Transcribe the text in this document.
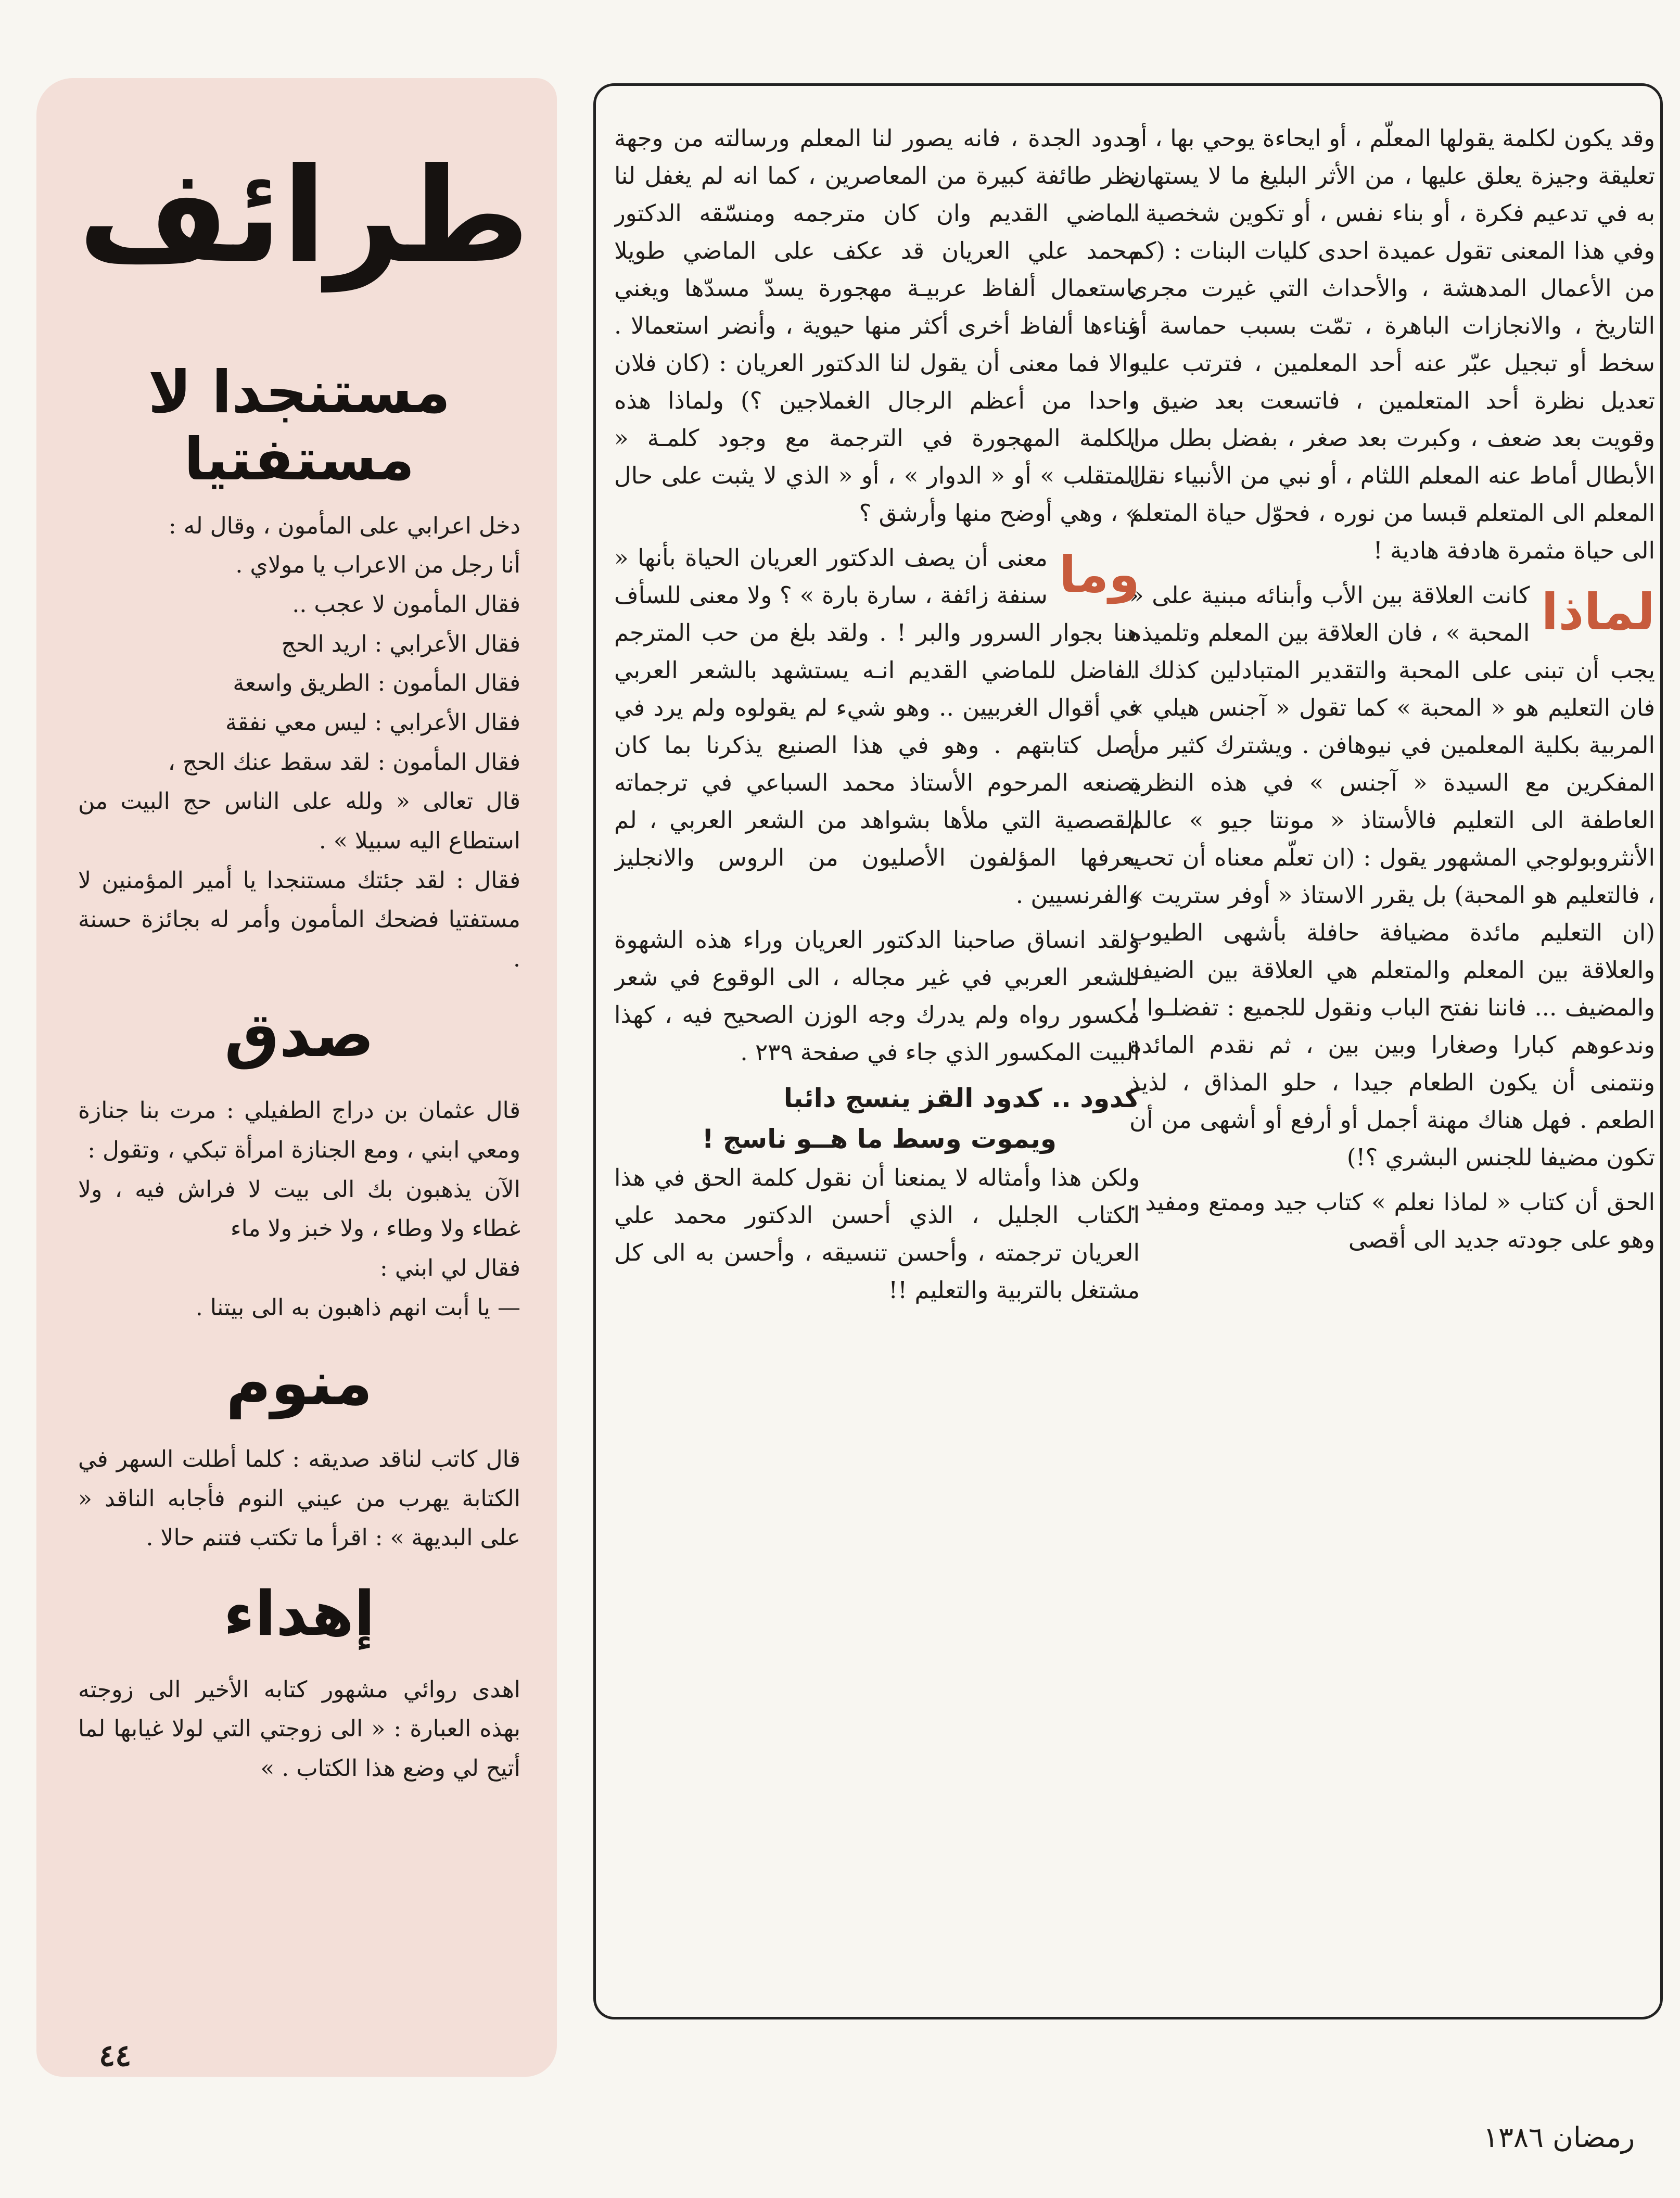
طرائف
مستنجدا لا مستفتيا

دخل اعرابي على المأمون ، وقال له :

أنا رجل من الاعراب يا مولاي .

فقال المأمون لا عجب ..

فقال الأعرابي : اريد الحج

فقال المأمون : الطريق واسعة

فقال الأعرابي : ليس معي نفقة

فقال المأمون : لقد سقط عنك الحج ،

قال تعالى « ولله على الناس حج البيت من استطاع اليه سبيلا » .

فقال : لقد جئتك مستنجدا يا أمير المؤمنين لا مستفتيا فضحك المأمون وأمر له بجائزة حسنة .

صدق

قال عثمان بن دراج الطفيلي : مرت بنا جنازة ومعي ابني ، ومع الجنازة امرأة تبكي ، وتقول :

الآن يذهبون بك الى بيت لا فراش فيه ، ولا غطاء ولا وطاء ، ولا خبز ولا ماء

فقال لي ابني :

— يا أبت انهم ذاهبون به الى بيتنا .

منوم

قال كاتب لناقد صديقه : كلما أطلت السهر في الكتابة يهرب من عيني النوم فأجابه الناقد « على البديهة » : اقرأ ما تكتب فتنم حالا .

إهداء

اهدى روائي مشهور كتابه الأخير الى زوجته بهذه العبارة : « الى زوجتي التي لولا غيابها لما أتيح لي وضع هذا الكتاب . »

وقد يكون لكلمة يقولها المعلّم ، أو ايحاءة يوحي بها ، أو تعليقة وجيزة يعلق عليها ، من الأثر البليغ ما لا يستهان به في تدعيم فكرة ، أو بناء نفس ، أو تكوين شخصية . وفي هذا المعنى تقول عميدة احدى كليات البنات : (كم من الأعمال المدهشة ، والأحداث التي غيرت مجرى التاريخ ، والانجازات الباهرة ، تمّت بسبب حماسة أو سخط أو تبجيل عبّر عنه أحد المعلمين ، فترتب عليه تعديل نظرة أحد المتعلمين ، فاتسعت بعد ضيق ، وقويت بعد ضعف ، وكبرت بعد صغر ، بفضل بطل من الأبطال أماط عنه المعلم اللثام ، أو نبي من الأنبياء نقل المعلم الى المتعلم قبسا من نوره ، فحوّل حياة المتعلم الى حياة مثمرة هادفة هادية !

لماذا
كانت العلاقة بين الأب وأبنائه مبنية على « المحبة » ، فان العلاقة بين المعلم وتلميذه يجب أن تبنى على المحبة والتقدير المتبادلين كذلك . فان التعليم هو « المحبة » كما تقول « آجنس هيلي » المربية بكلية المعلمين في نيوهافن . ويشترك كثير من المفكرين مع السيدة « آجنس » في هذه النظرة العاطفة الى التعليم فالأستاذ « مونتا جيو » عالم الأنثروبولوجي المشهور يقول : (ان تعلّم معناه أن تحب ، فالتعليم هو المحبة) بل يقرر الاستاذ « أوفر ستريت » (ان التعليم مائدة مضيافة حافلة بأشهى الطيوب والعلاقة بين المعلم والمتعلم هي العلاقة بين الضيف والمضيف ... فاننا نفتح الباب ونقول للجميع : تفضلـوا ! وندعوهم كبارا وصغارا وبين بين ، ثم نقدم المائدة ونتمنى أن يكون الطعام جيدا ، حلو المذاق ، لذيذ الطعم . فهل هناك مهنة أجمل أو أرفع أو أشهى من أن تكون مضيفا للجنس البشري ؟!)

الحق أن كتاب « لماذا نعلم » كتاب جيد وممتع ومفيد . وهو على جودته جديد الى أقصى

حدود الجدة ، فانه يصور لنا المعلم ورسالته من وجهة نظر طائفة كبيرة من المعاصرين ، كما انه لم يغفل لنا الماضي القديم وان كان مترجمه ومنسّقه الدكتور محمد علي العريان قد عكف على الماضي طويلا باستعمال ألفاظ عربيـة مهجورة يسدّ مسدّها ويغني غناءها ألفاظ أخرى أكثر منها حيوية ، وأنضر استعمالا . والا فما معنى أن يقول لنا الدكتور العريان : (كان فلان واحدا من أعظم الرجال الغملاجين ؟) ولماذا هذه الكلمة المهجورة في الترجمة مع وجود كلمـة « المتقلب » أو « الدوار » ، أو « الذي لا يثبت على حال » ، وهي أوضح منها وأرشق ؟

وما
معنى أن يصف الدكتور العريان الحياة بأنها « سنفة زائفة ، سارة بارة » ؟ ولا معنى للسأف هنا بجوار السرور والبر ! . ولقد بلغ من حب المترجم الفاضل للماضي القديم انـه يستشهد بالشعر العربي في أقوال الغربيين .. وهو شيء لم يقولوه ولم يرد في أصل كتابتهم . وهو في هذا الصنيع يذكرنا بما كان يصنعه المرحوم الأستاذ محمد السباعي في ترجماته القصصية التي ملأها بشواهد من الشعر العربي ، لم يعرفها المؤلفون الأصليون من الروس والانجليز والفرنسيين .

ولقد انساق صاحبنا الدكتور العريان وراء هذه الشهوة للشعر العربي في غير مجاله ، الى الوقوع في شعر مكسور رواه ولم يدرك وجه الوزن الصحيح فيه ، كهذا البيت المكسور الذي جاء في صفحة ٢٣٩ .

كدود .. كدود القز ينسج دائبا
ويموت وسط ما هــو ناسج !

ولكن هذا وأمثاله لا يمنعنا أن نقول كلمة الحق في هذا الكتاب الجليل ، الذي أحسن الدكتور محمد علي العريان ترجمته ، وأحسن تنسيقه ، وأحسن به الى كل مشتغل بالتربية والتعليم !!

٤٤
رمضان ١٣٨٦
